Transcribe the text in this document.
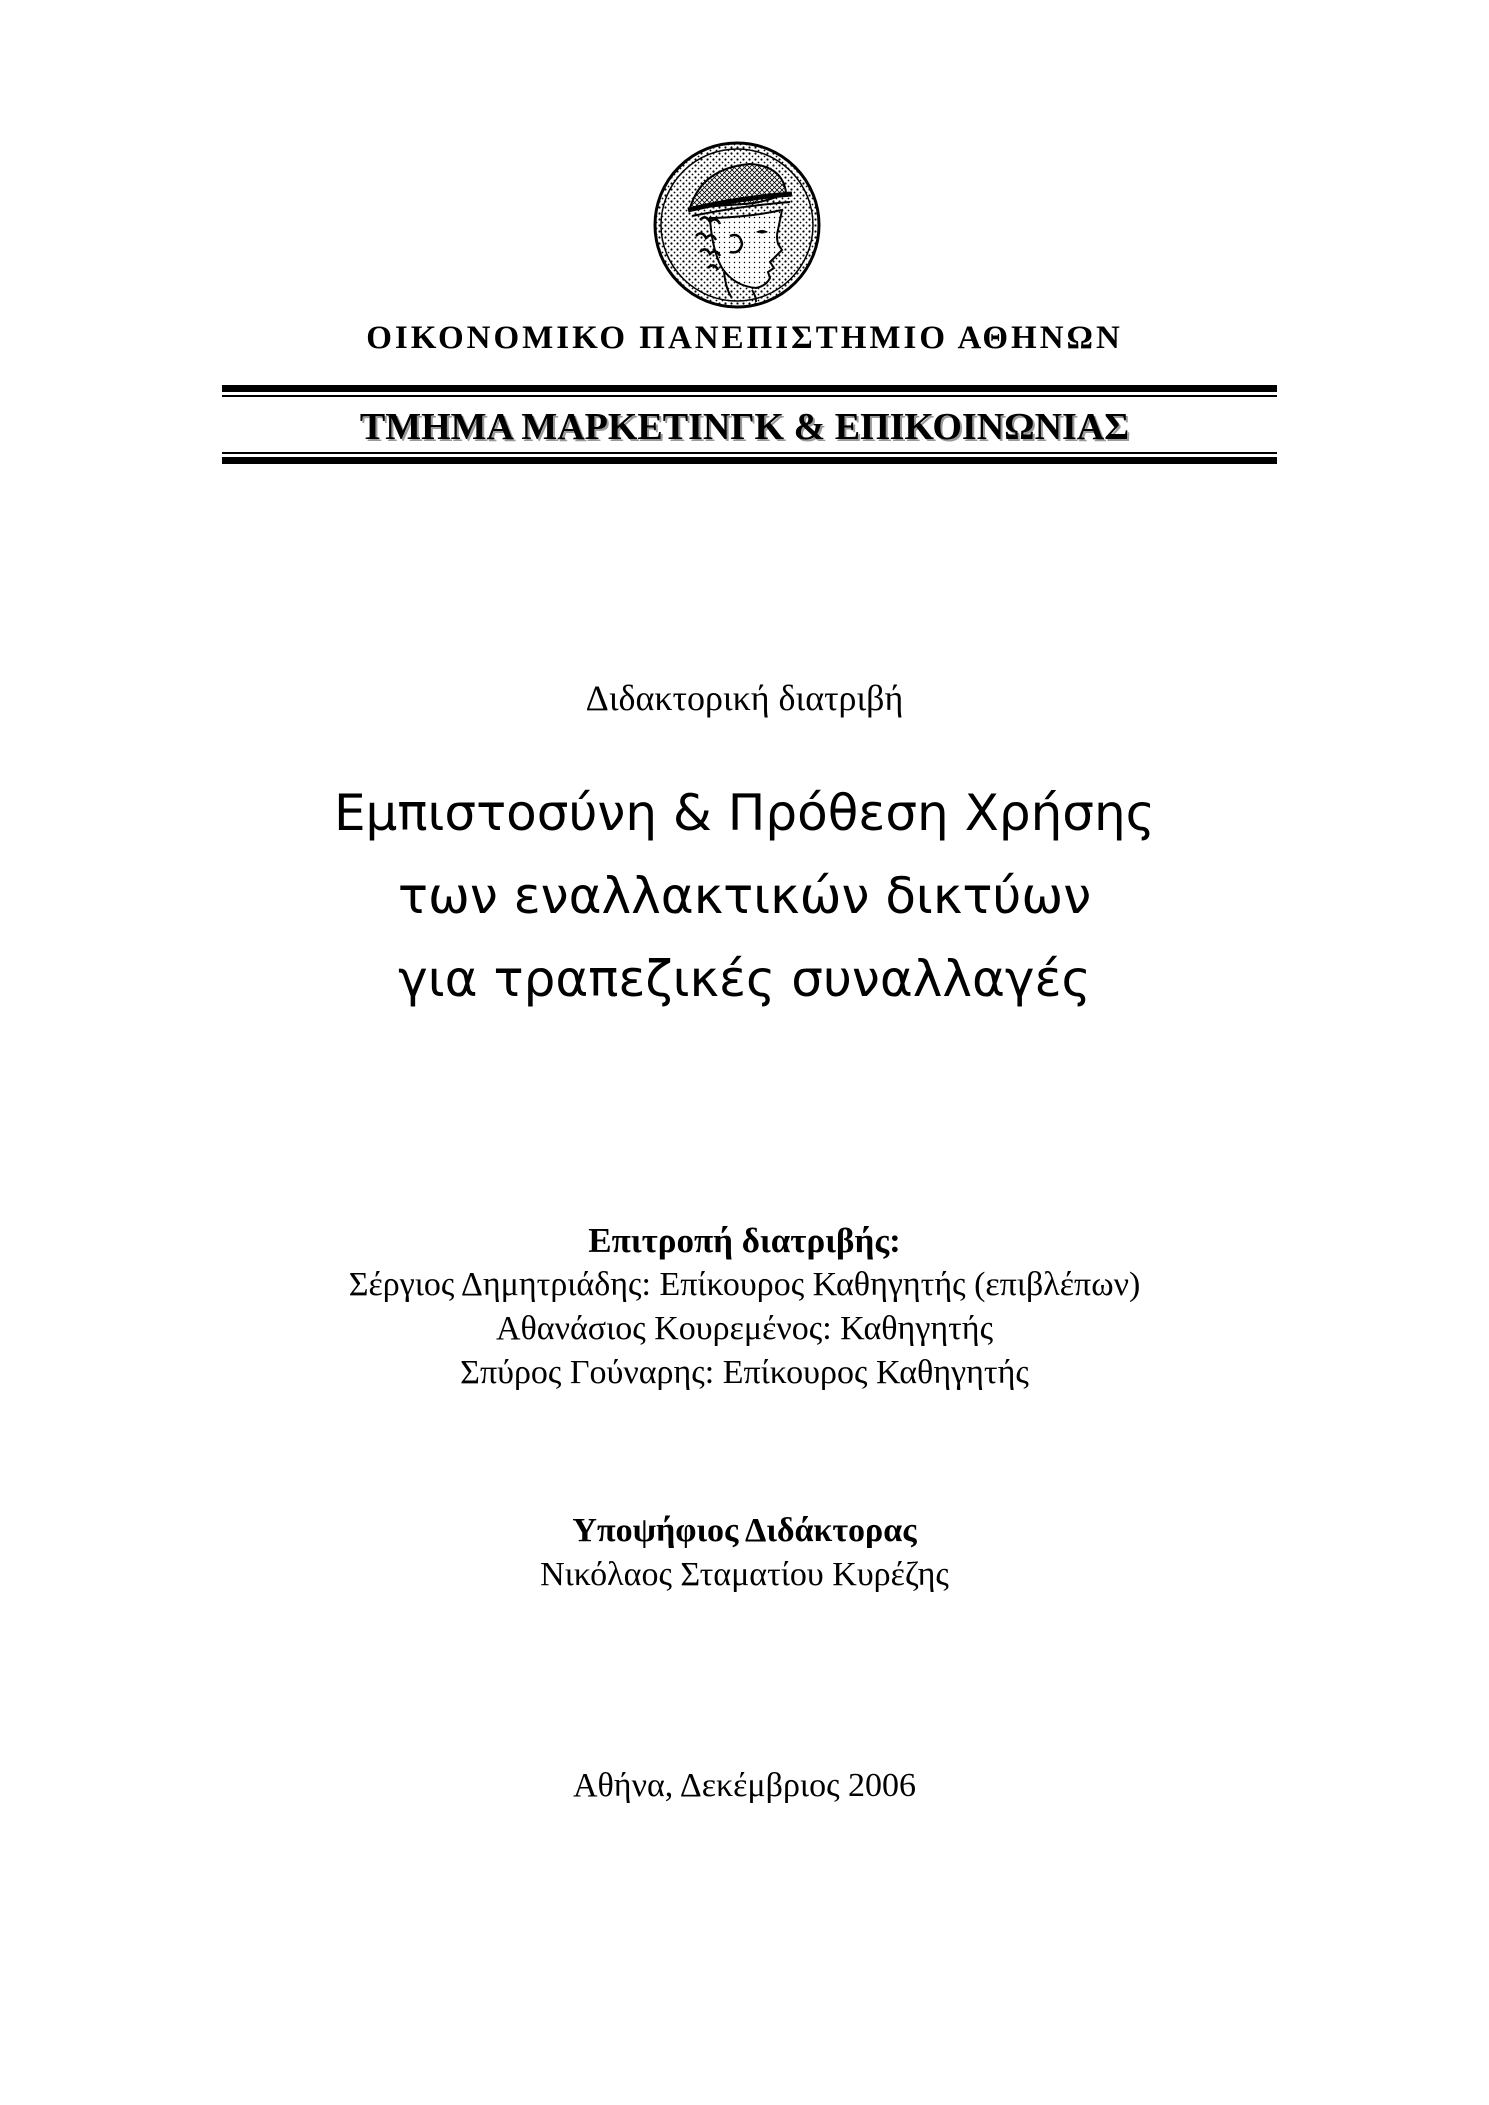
ΟΙΚΟΝΟΜΙΚΟ ΠΑΝΕΠΙΣΤΗΜΙΟ ΑΘΗΝΩΝ
ΤΜΗΜΑ ΜΑΡΚΕΤΙΝΓΚ & ΕΠΙΚΟΙΝΩΝΙΑΣ
Διδακτορική διατριβή
Εμπιστοσύνη & Πρόθεση Χρήσης
των εναλλακτικών δικτύων
για τραπεζικές συναλλαγές
Επιτροπή διατριβής:
Σέργιος Δημητριάδης: Επίκουρος Καθηγητής (επιβλέπων)
Αθανάσιος Κουρεμένος: Καθηγητής
Σπύρος Γούναρης: Επίκουρος Καθηγητής
Υποψήφιος Διδάκτορας
Νικόλαος Σταματίου Κυρέζης
Αθήνα, Δεκέμβριος 2006
